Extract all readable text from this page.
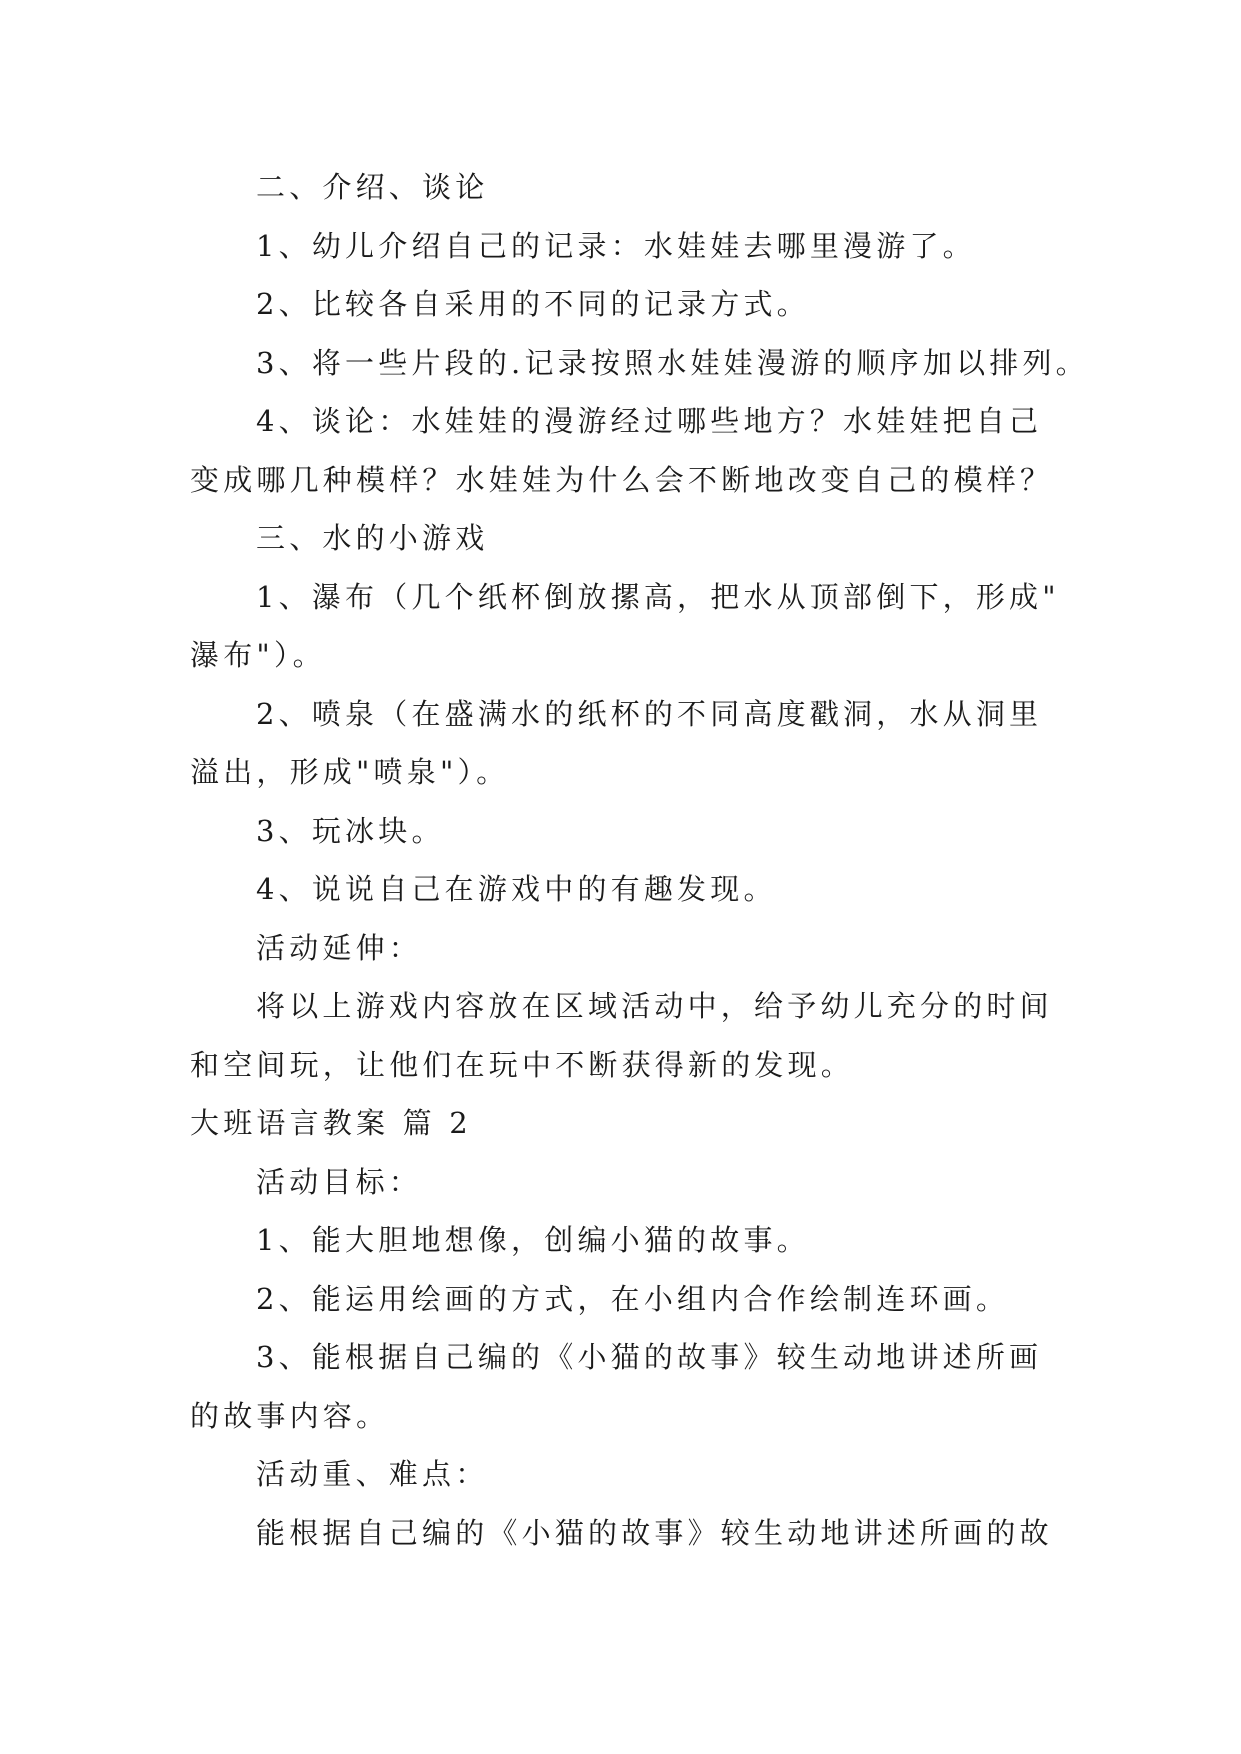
二、介绍、谈论

1、幼儿介绍自己的记录：水娃娃去哪里漫游了。

2、比较各自采用的不同的记录方式。

3、将一些片段的.记录按照水娃娃漫游的顺序加以排列。

4、谈论：水娃娃的漫游经过哪些地方？水娃娃把自己

变成哪几种模样？水娃娃为什么会不断地改变自己的模样？

三、水的小游戏

1、瀑布（几个纸杯倒放摞高，把水从顶部倒下，形成"

瀑布"）。

2、喷泉（在盛满水的纸杯的不同高度戳洞，水从洞里

溢出，形成"喷泉"）。

3、玩冰块。

4、说说自己在游戏中的有趣发现。

活动延伸：

将以上游戏内容放在区域活动中，给予幼儿充分的时间

和空间玩，让他们在玩中不断获得新的发现。

大班语言教案 篇 2

活动目标：

1、能大胆地想像，创编小猫的故事。

2、能运用绘画的方式，在小组内合作绘制连环画。

3、能根据自己编的《小猫的故事》较生动地讲述所画

的故事内容。

活动重、难点：

能根据自己编的《小猫的故事》较生动地讲述所画的故
